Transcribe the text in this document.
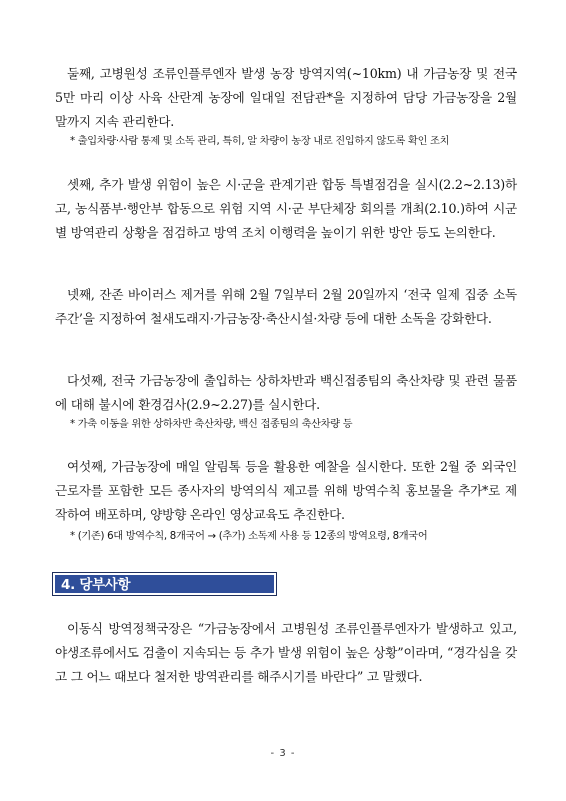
둘째, 고병원성 조류인플루엔자 발생 농장 방역지역(~10km) 내 가금농장 및 전국 5만 마리 이상 사육 산란계 농장에 일대일 전담관*을 지정하여 담당 가금농장을 2월 말까지 지속 관리한다.

* 출입차량·사람 통제 및 소독 관리, 특히, 알 차량이 농장 내로 진입하지 않도록 확인 조치

셋째, 추가 발생 위험이 높은 시·군을 관계기관 합동 특별점검을 실시(2.2~2.13)하고, 농식품부·행안부 합동으로 위험 지역 시·군 부단체장 회의를 개최(2.10.)하여 시군별 방역관리 상황을 점검하고 방역 조치 이행력을 높이기 위한 방안 등도 논의한다.

넷째, 잔존 바이러스 제거를 위해 2월 7일부터 2월 20일까지 ‘전국 일제 집중 소독 주간’을 지정하여 철새도래지·가금농장·축산시설·차량 등에 대한 소독을 강화한다.

다섯째, 전국 가금농장에 출입하는 상하차반과 백신접종팀의 축산차량 및 관련 물품에 대해 불시에 환경검사(2.9~2.27)를 실시한다.

* 가축 이동을 위한 상하차반 축산차량, 백신 접종팀의 축산차량 등

여섯째, 가금농장에 매일 알림톡 등을 활용한 예찰을 실시한다. 또한 2월 중 외국인 근로자를 포함한 모든 종사자의 방역의식 제고를 위해 방역수칙 홍보물을 추가*로 제작하여 배포하며, 양방향 온라인 영상교육도 추진한다.

* (기존) 6대 방역수칙, 8개국어 → (추가) 소독제 사용 등 12종의 방역요령, 8개국어

4. 당부사항

이동식 방역정책국장은 “가금농장에서 고병원성 조류인플루엔자가 발생하고 있고, 야생조류에서도 검출이 지속되는 등 추가 발생 위험이 높은 상황”이라며, “경각심을 갖고 그 어느 때보다 철저한 방역관리를 해주시기를 바란다” 고 말했다.

- 3 -
